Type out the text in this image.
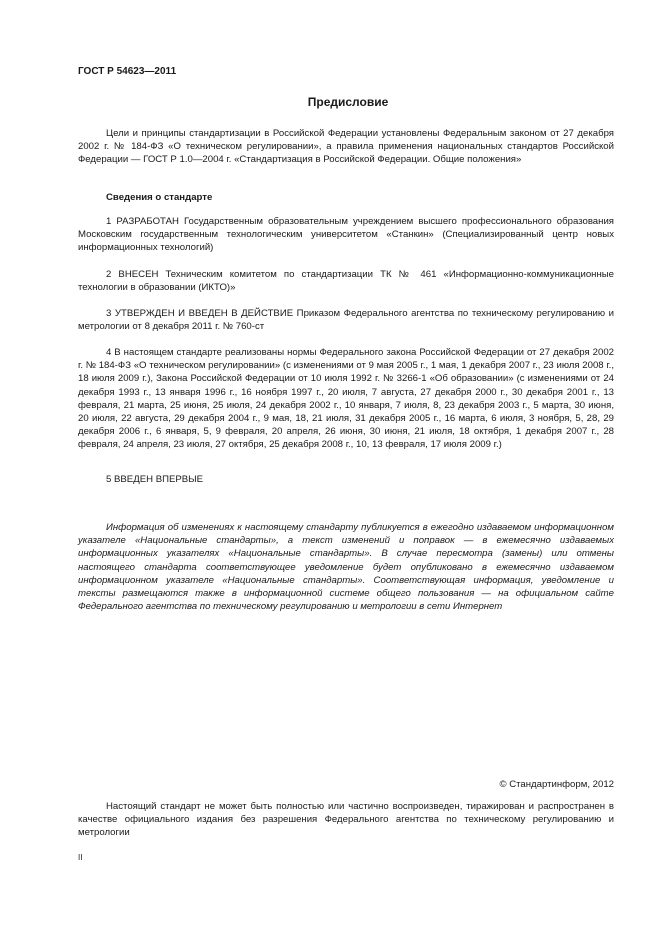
ГОСТ Р 54623—2011
Предисловие

Цели и принципы стандартизации в Российской Федерации установлены Федеральным законом от 27 декабря 2002 г. № 184-ФЗ «О техническом регулировании», а правила применения национальных стандартов Российской Федерации — ГОСТ Р 1.0—2004 г. «Стандартизация в Российской Федерации. Общие положения»

Сведения о стандарте

1 РАЗРАБОТАН Государственным образовательным учреждением высшего профессионального образования Московским государственным технологическим университетом «Станкин» (Специализированный центр новых информационных технологий)

2 ВНЕСЕН Техническим комитетом по стандартизации ТК № 461 «Информационно-коммуникационные технологии в образовании (ИКТО)»

3 УТВЕРЖДЕН И ВВЕДЕН В ДЕЙСТВИЕ Приказом Федерального агентства по техническому регулированию и метрологии от 8 декабря 2011 г. № 760-ст

4 В настоящем стандарте реализованы нормы Федерального закона Российской Федерации от 27 декабря 2002 г. № 184-ФЗ «О техническом регулировании» (с изменениями от 9 мая 2005 г., 1 мая, 1 декабря 2007 г., 23 июля 2008 г., 18 июля 2009 г.), Закона Российской Федерации от 10 июля 1992 г. № 3266-1 «Об образовании» (с изменениями от 24 декабря 1993 г., 13 января 1996 г., 16 ноября 1997 г., 20 июля, 7 августа, 27 декабря 2000 г., 30 декабря 2001 г., 13 февраля, 21 марта, 25 июня, 25 июля, 24 декабря 2002 г., 10 января, 7 июля, 8, 23 декабря 2003 г., 5 марта, 30 июня, 20 июля, 22 августа, 29 декабря 2004 г., 9 мая, 18, 21 июля, 31 декабря 2005 г., 16 марта, 6 июля, 3 ноября, 5, 28, 29 декабря 2006 г., 6 января, 5, 9 февраля, 20 апреля, 26 июня, 30 июня, 21 июля, 18 октября, 1 декабря 2007 г., 28 февраля, 24 апреля, 23 июля, 27 октября, 25 декабря 2008 г., 10, 13 февраля, 17 июля 2009 г.)

5 ВВЕДЕН ВПЕРВЫЕ

Информация об изменениях к настоящему стандарту публикуется в ежегодно издаваемом информационном указателе «Национальные стандарты», а текст изменений и поправок — в ежемесячно издаваемых информационных указателях «Национальные стандарты». В случае пересмотра (замены) или отмены настоящего стандарта соответствующее уведомление будет опубликовано в ежемесячно издаваемом информационном указателе «Национальные стандарты». Соответствующая информация, уведомление и тексты размещаются также в информационной системе общего пользования — на официальном сайте Федерального агентства по техническому регулированию и метрологии в сети Интернет

© Стандартинформ, 2012

Настоящий стандарт не может быть полностью или частично воспроизведен, тиражирован и распространен в качестве официального издания без разрешения Федерального агентства по техническому регулированию и метрологии

II
